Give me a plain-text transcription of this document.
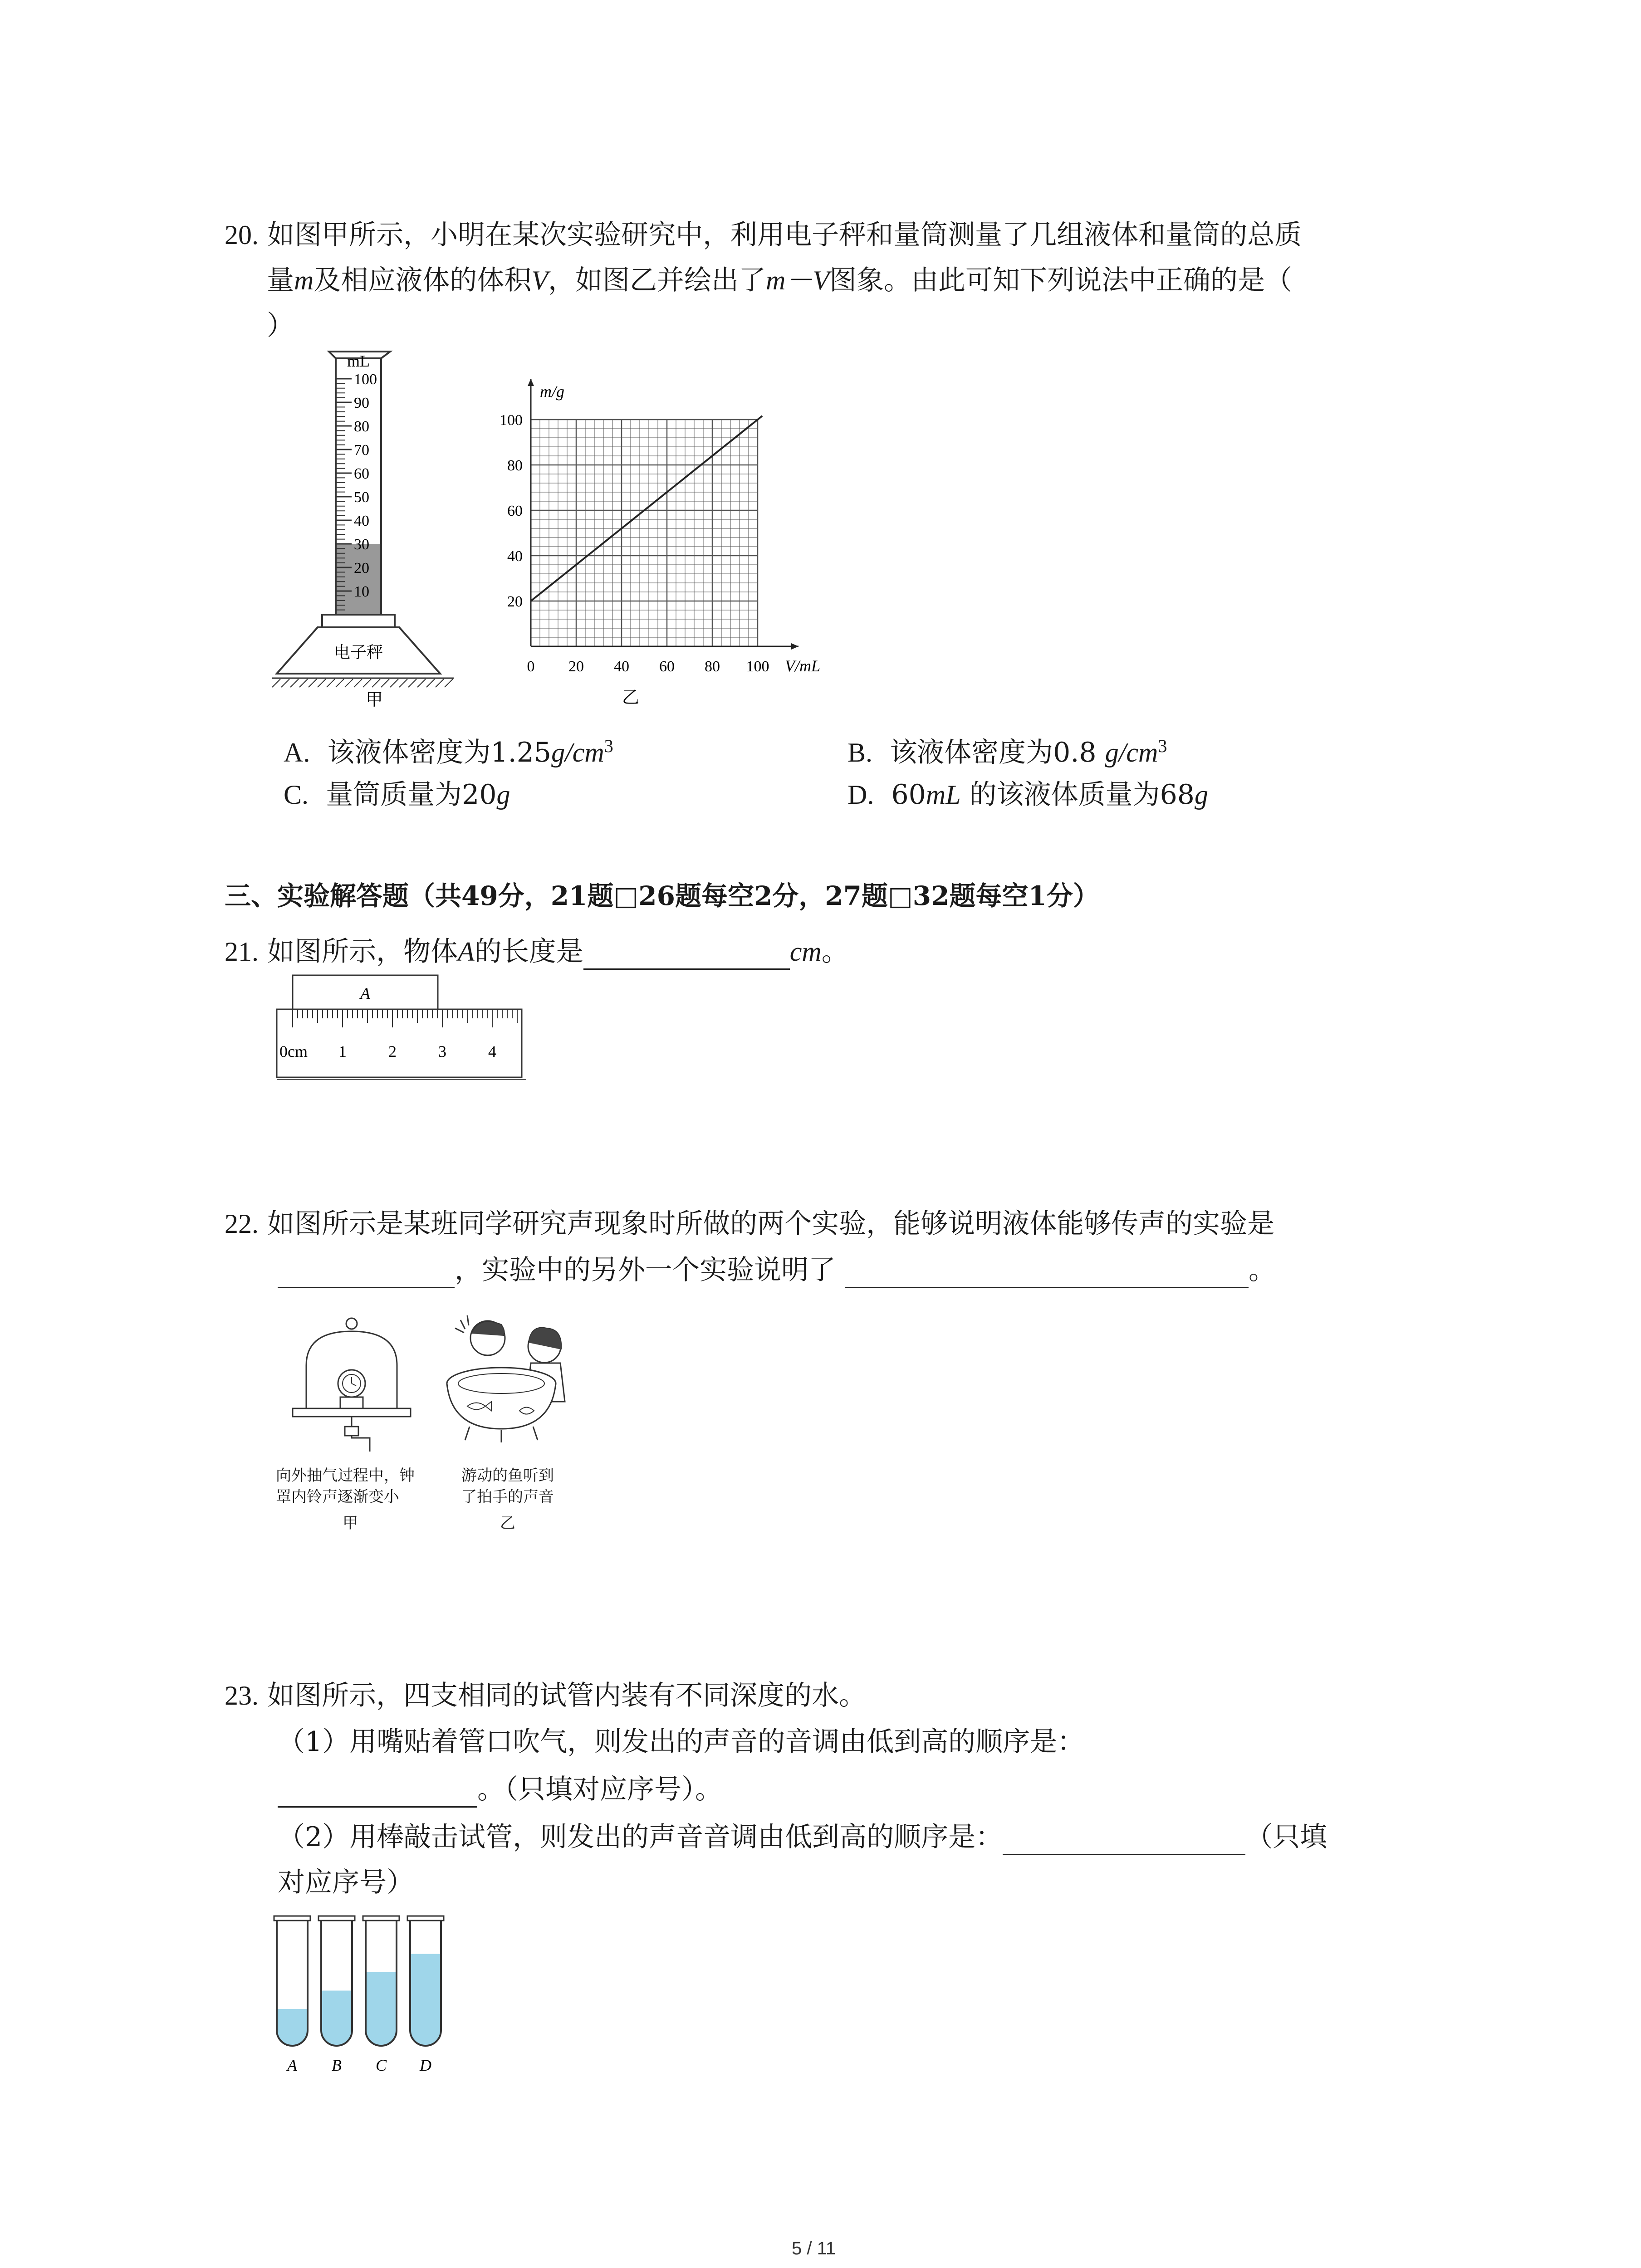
20. 如图甲所示，小明在某次实验研究中，利用电子秤和量筒测量了几组液体和量筒的总质
量m及相应液体的体积V，如图乙并绘出了m－V图象。由此可知下列说法中正确的是（
）
100
90
80
70
60
50
40
30
20
10
mL
电子秤
甲
0 20 40 60 80 100
20
40
60
80
100
m/g
V/mL
乙
A. 该液体密度为$1.25g/cm^3$	B. 该液体密度为0.8 $g/cm^3$
C. 量筒质量为20g	D. 60mL 的该液体质量为68g
三、实验解答题（共49分，21题□26题每空2分，27题□32题每空1分）
21. 如图所示，物体A的长度是	cm。
A
0cm 1	2	3	4
22. 如图所示是某班同学研究声现象时所做的两个实验，能够说明液体能够传声的实验是
，实验中的另外一个实验说明了	。
向外抽气过程中，钟
罩内铃声逐渐变小
甲
游动的鱼听到
了拍手的声音
乙
23. 如图所示，四支相同的试管内装有不同深度的水。
（1）用嘴贴着管口吹气，则发出的声音的音调由低到高的顺序是：
。（只填对应序号）。
（2）用棒敲击试管，则发出的声音音调由低到高的顺序是：	（只填
对应序号）
A B C D
5 / 11
